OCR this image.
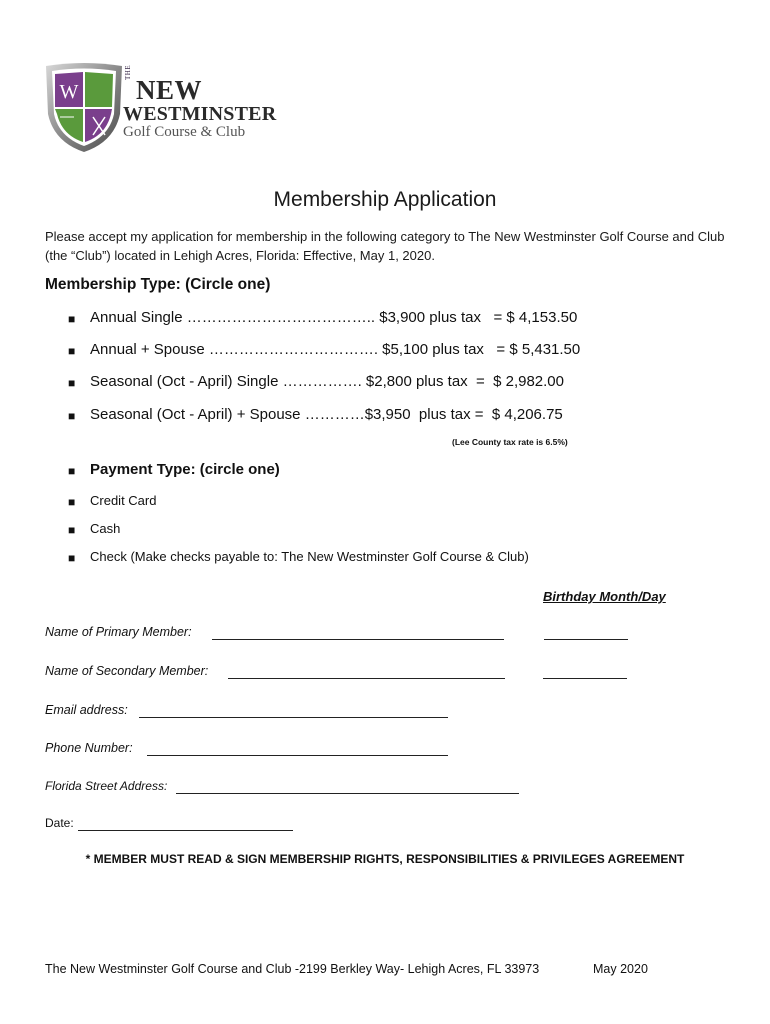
W
THE
NEW
WESTMINSTER
Golf Course & Club
Membership Application
Please accept my application for membership in the following category to The New Westminster Golf Course and Club (the “Club”) located in Lehigh Acres, Florida: Effective, May 1, 2020.
Membership Type: (Circle one)
■ Annual Single ……………………………….. $3,900 plus tax   = $ 4,153.50
■ Annual + Spouse ……………………………. $5,100 plus tax   = $ 5,431.50
■ Seasonal (Oct - April) Single ……………. $2,800 plus tax  =  $ 2,982.00
■ Seasonal (Oct - April) + Spouse …………$3,950  plus tax =  $ 4,206.75
(Lee County tax rate is 6.5%)
■ Payment Type: (circle one)
■ Credit Card
■ Cash
■ Check (Make checks payable to: The New Westminster Golf Course & Club)
Birthday Month/Day
Name of Primary Member:
Name of Secondary Member:
Email address:
Phone Number:
Florida Street Address:
Date:
* MEMBER MUST READ & SIGN MEMBERSHIP RIGHTS, RESPONSIBILITIES & PRIVILEGES AGREEMENT
The New Westminster Golf Course and Club -2199 Berkley Way- Lehigh Acres, FL 33973	May 2020
